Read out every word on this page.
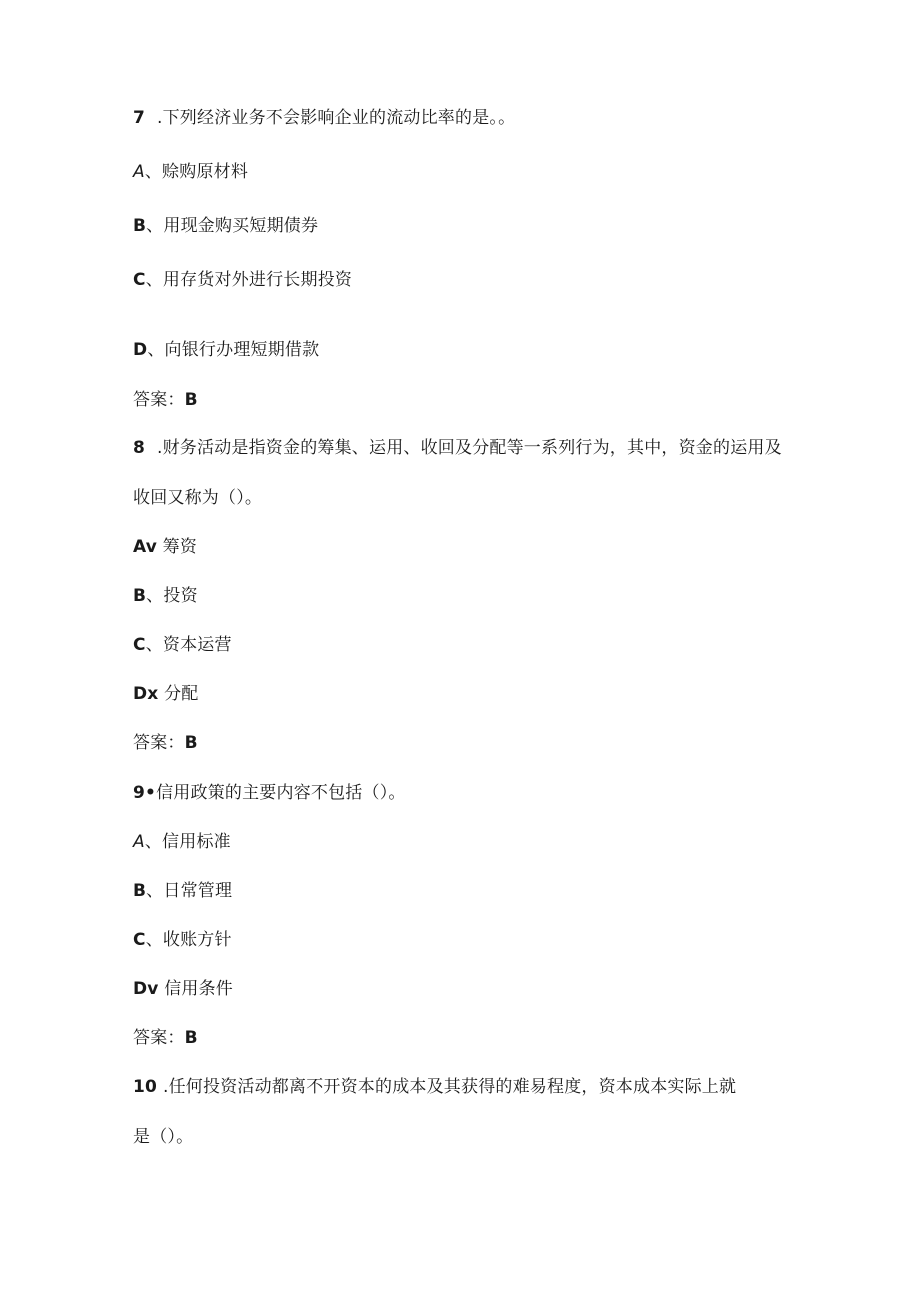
7 .下列经济业务不会影响企业的流动比率的是。。
A、赊购原材料
B、用现金购买短期债券
C、用存货对外进行长期投资
D、向银行办理短期借款
答案：B
8 .财务活动是指资金的筹集、运用、收回及分配等一系列行为，其中，资金的运用及
收回又称为（）。
Av 筹资
B、投资
C、资本运营
Dx 分配
答案：B
9•信用政策的主要内容不包括（）。
A、信用标准
B、日常管理
C、收账方针
Dv 信用条件
答案：B
10 .任何投资活动都离不开资本的成本及其获得的难易程度，资本成本实际上就
是（）。
